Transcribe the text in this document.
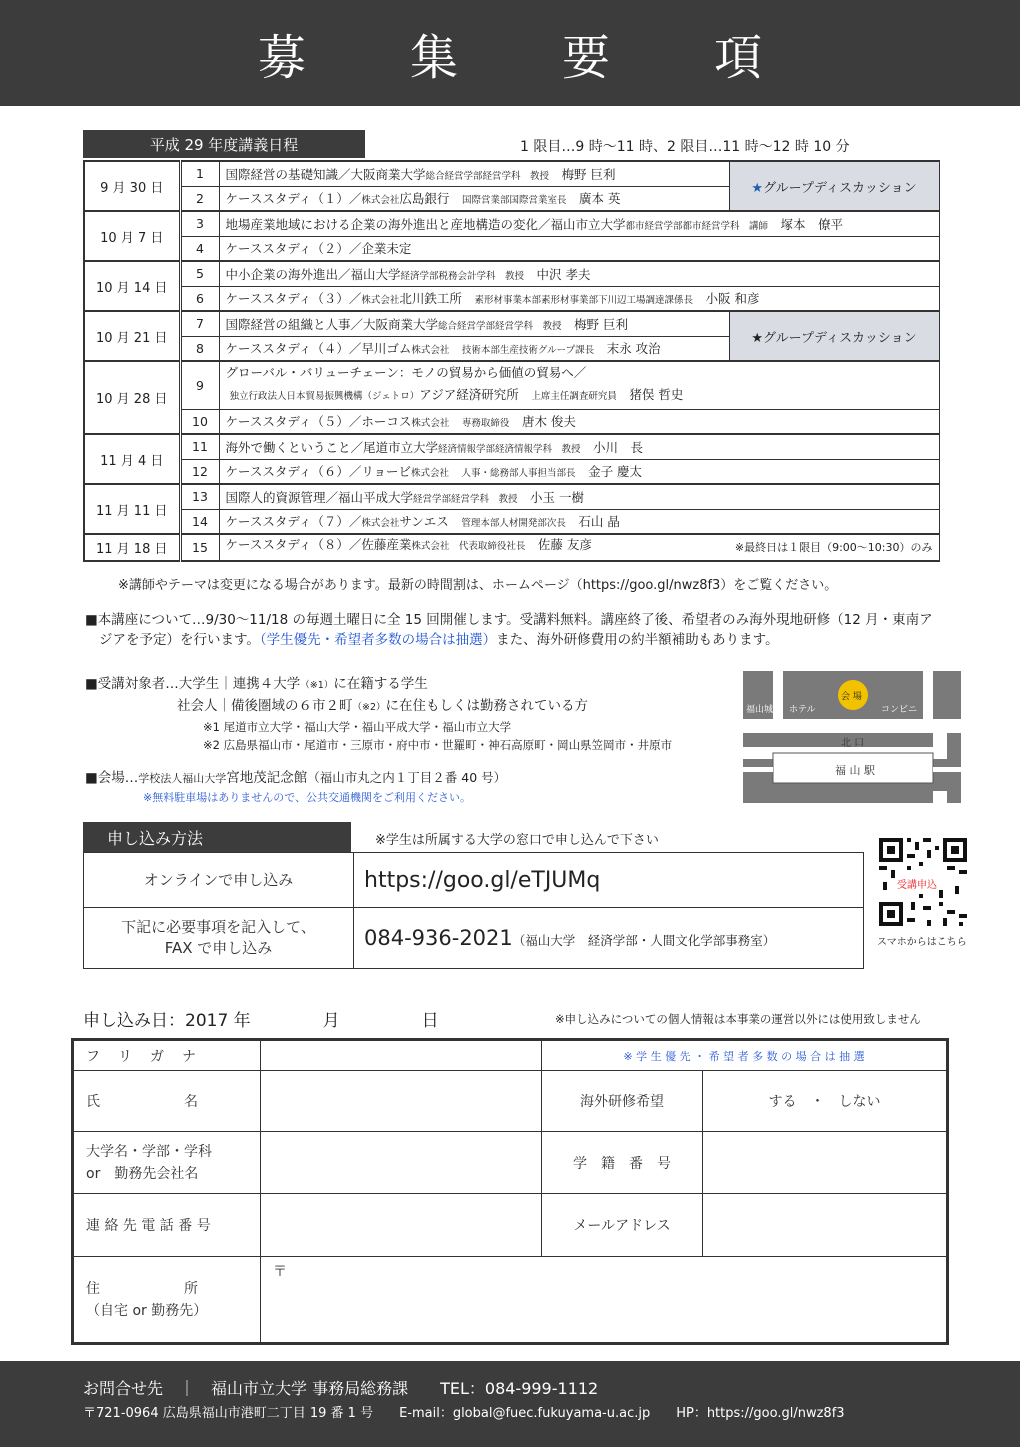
募 集 要 項
平成 29 年度講義日程	1 限目…9 時～11 時、2 限目…11 時～12 時 10 分
9 月 30 日	1	国際経営の基礎知識／大阪商業大学総合経営学部経営学科　教授　 梅野 巨利	★グループディスカッション
	2	ケーススタディ（１）／株式会社広島銀行　 国際営業部国際営業室長　 廣本 英	
10 月 7 日	3	地場産業地域における企業の海外進出と産地構造の変化／福山市立大学都市経営学部都市経営学科　講師　 塚本　僚平	
	4	ケーススタディ（２）／企業未定	
10 月 14 日	5	中小企業の海外進出／福山大学経済学部税務会計学科　教授　 中沢 孝夫	
	6	ケーススタディ（３）／株式会社北川鉄工所　 素形材事業本部素形材事業部下川辺工場調達課係長　 小阪 和彦	
10 月 21 日	7	国際経営の組織と人事／大阪商業大学総合経営学部経営学科　教授　 梅野 巨利	★グループディスカッション
	8	ケーススタディ（４）／早川ゴム株式会社　 技術本部生産技術グループ課長　 末永 攻治	
10 月 28 日	9	グローバル・バリューチェーン：モノの貿易から価値の貿易へ／
独立行政法人日本貿易振興機構（ジェトロ）アジア経済研究所　 上席主任調査研究員　 猪俣 哲史	

	10	ケーススタディ（５）／ホーコス株式会社　 専務取締役　 唐木 俊夫	
11 月 4 日	11	海外で働くということ／尾道市立大学経済情報学部経済情報学科　教授　 小川　長	
	12	ケーススタディ（６）／リョービ株式会社　 人事・総務部人事担当部長　 金子 慶太	
11 月 11 日	13	国際人的資源管理／福山平成大学経営学部経営学科　教授　 小玉 一樹	
	14	ケーススタディ（７）／株式会社サンエス　 管理本部人材開発部次長　 石山 晶	
11 月 18 日	15	ケーススタディ（８）／佐藤産業株式会社　代表取締役社長　 佐藤 友彦 ※最終日は１限目（9:00～10:30）のみ	
※講師やテーマは変更になる場合があります。最新の時間割は、ホームページ（https://goo.gl/nwz8f3）をご覧ください。
■本講座について…9/30～11/18 の毎週土曜日に全 15 回開催します。受講料無料。講座終了後、希望者のみ海外現地研修（12 月・東南ア
ジアを予定）を行います。（学生優先・希望者多数の場合は抽選）また、海外研修費用の約半額補助もあります。
■受講対象者…大学生｜連携４大学（※1）に在籍する学生
社会人｜備後圏域の６市２町（※2）に在住もしくは勤務されている方
※1 尾道市立大学・福山大学・福山平成大学・福山市立大学
※2 広島県福山市・尾道市・三原市・府中市・世羅町・神石高原町・岡山県笠岡市・井原市
■会場…学校法人福山大学宮地茂記念館（福山市丸之内１丁目２番 40 号）
※無料駐車場はありませんので、公共交通機関をご利用ください。
福山城 ホテル
会 場
コンビニ
北 口
福 山 駅
申し込み方法	※学生は所属する大学の窓口で申し込んで下さい
オンラインで申し込み	https://goo.gl/eTJUMq

下記に必要事項を記入して、
FAX で申し込み	084-936-2021（福山大学　経済学部・人間文化学部事務室）
受講申込
スマホからはこちら
申し込み日：2017 年	月	日	※申し込みについての個人情報は本事業の運営以外には使用致しません
フ　リ　ガ　ナ		※ 学 生 優 先 ・ 希 望 者 多 数 の 場 合 は 抽 選	
氏　　　　　　名		海外研修希望	する　・　しない

大学名・学部・学科
or　勤務先会社名		学　籍　番　号	
連 絡 先 電 話 番 号		メールアドレス	

住　　　　　　所
（自宅 or 勤務先）	〒		
お問合せ先　｜　福山市立大学 事務局総務課　　TEL：084-999-1112
〒721-0964 広島県福山市港町二丁目 19 番 1 号　　E-mail：global@fuec.fukuyama-u.ac.jp　　HP：https://goo.gl/nwz8f3
